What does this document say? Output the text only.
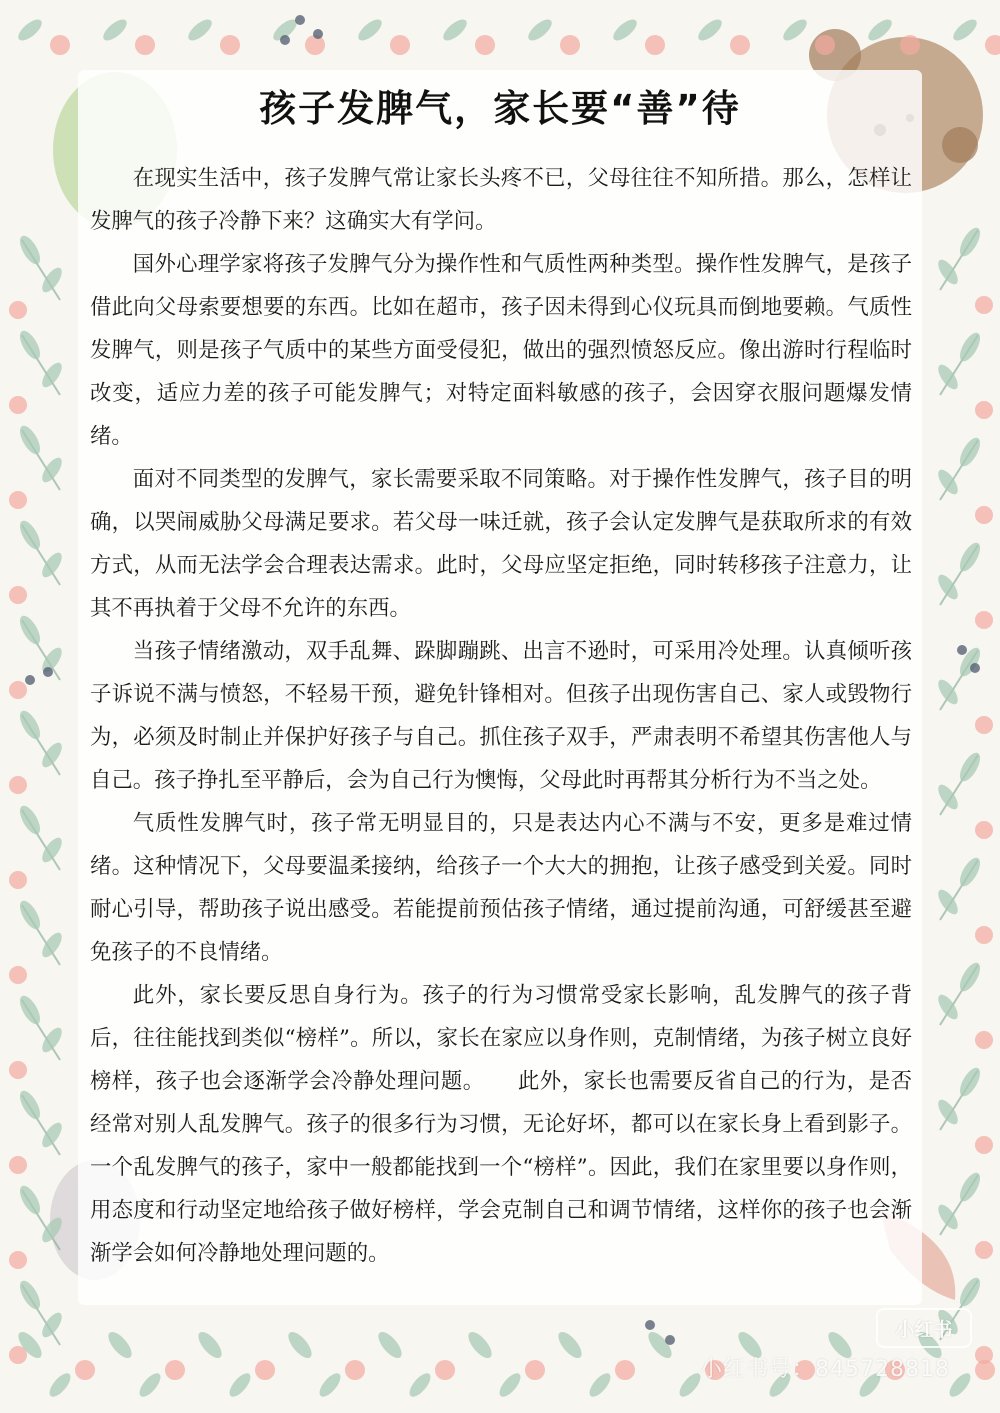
孩子发脾气，家长要“善”待

在现实生活中，孩子发脾气常让家长头疼不已，父母往往不知所措。那么，怎样让发脾气的孩子冷静下来？这确实大有学问。

国外心理学家将孩子发脾气分为操作性和气质性两种类型。操作性发脾气，是孩子借此向父母索要想要的东西。比如在超市，孩子因未得到心仪玩具而倒地要赖。气质性发脾气，则是孩子气质中的某些方面受侵犯，做出的强烈愤怒反应。像出游时行程临时改变，适应力差的孩子可能发脾气；对特定面料敏感的孩子，会因穿衣服问题爆发情绪。

面对不同类型的发脾气，家长需要采取不同策略。对于操作性发脾气，孩子目的明确，以哭闹威胁父母满足要求。若父母一味迁就，孩子会认定发脾气是获取所求的有效方式，从而无法学会合理表达需求。此时，父母应坚定拒绝，同时转移孩子注意力，让其不再执着于父母不允许的东西。

当孩子情绪激动，双手乱舞、跺脚蹦跳、出言不逊时，可采用冷处理。认真倾听孩子诉说不满与愤怒，不轻易干预，避免针锋相对。但孩子出现伤害自己、家人或毁物行为，必须及时制止并保护好孩子与自己。抓住孩子双手，严肃表明不希望其伤害他人与自己。孩子挣扎至平静后，会为自己行为懊悔，父母此时再帮其分析行为不当之处。

气质性发脾气时，孩子常无明显目的，只是表达内心不满与不安，更多是难过情绪。这种情况下，父母要温柔接纳，给孩子一个大大的拥抱，让孩子感受到关爱。同时耐心引导，帮助孩子说出感受。若能提前预估孩子情绪，通过提前沟通，可舒缓甚至避免孩子的不良情绪。

此外，家长要反思自身行为。孩子的行为习惯常受家长影响，乱发脾气的孩子背后，往往能找到类似“榜样”。所以，家长在家应以身作则，克制情绪，为孩子树立良好榜样，孩子也会逐渐学会冷静处理问题。　　此外，家长也需要反省自己的行为，是否经常对别人乱发脾气。孩子的很多行为习惯，无论好坏，都可以在家长身上看到影子。一个乱发脾气的孩子，家中一般都能找到一个“榜样”。因此，我们在家里要以身作则，用态度和行动坚定地给孩子做好榜样，学会克制自己和调节情绪，这样你的孩子也会渐渐学会如何冷静地处理问题的。

小红书
小红书号：845728818
